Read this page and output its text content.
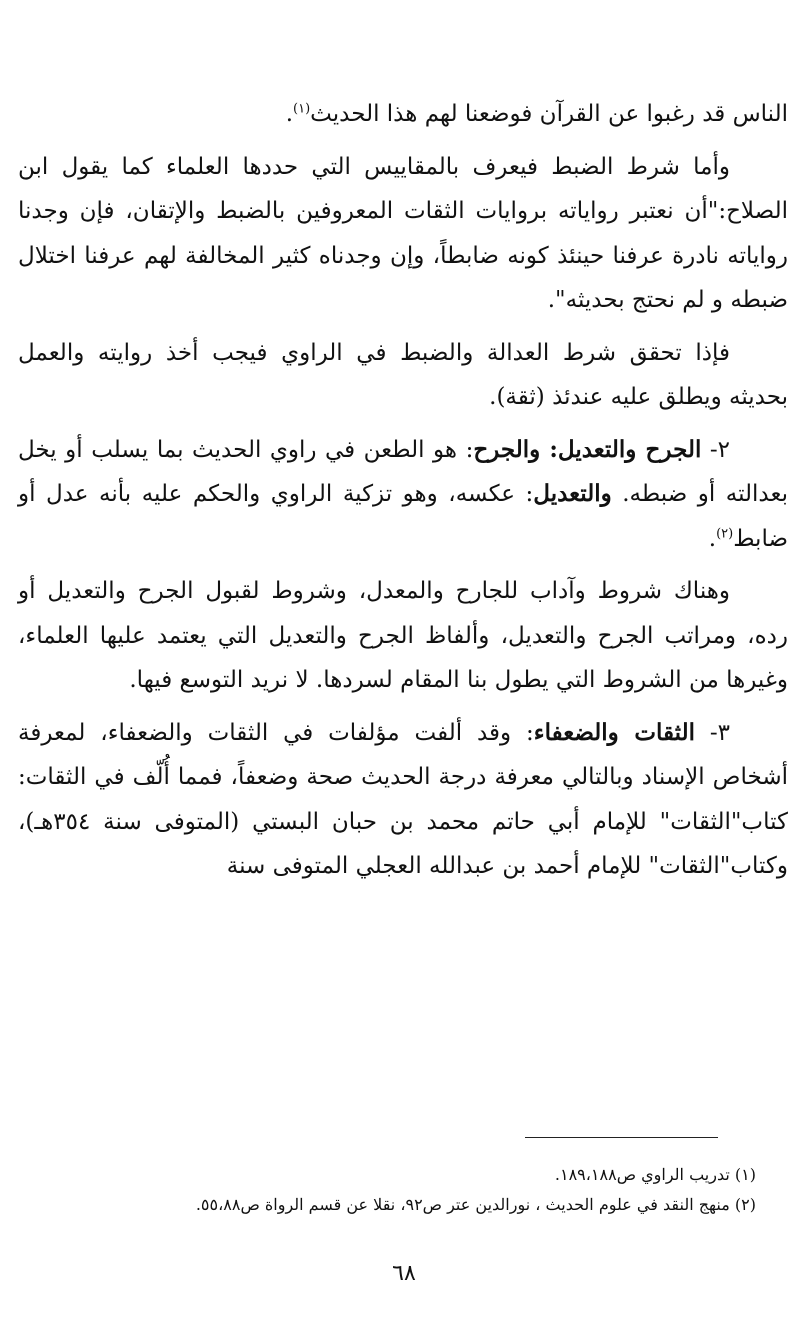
الناس قد رغبوا عن القرآن فوضعنا لهم هذا الحديث$^{(١)}$.

وأما شرط الضبط فيعرف بالمقاييس التي حددها العلماء كما يقول ابن الصلاح:"أن نعتبر رواياته بروايات الثقات المعروفين بالضبط والإتقان، فإن وجدنا رواياته نادرة عرفنا حينئذ كونه ضابطاً، وإن وجدناه كثير المخالفة لهم عرفنا اختلال ضبطه و لم نحتج بحديثه".

فإذا تحقق شرط العدالة والضبط في الراوي فيجب أخذ روايته والعمل بحديثه ويطلق عليه عندئذ (ثقة).

٢- الجرح والتعديل: والجرح: هو الطعن في راوي الحديث بما يسلب أو يخل بعدالته أو ضبطه. والتعديل: عكسه، وهو تزكية الراوي والحكم عليه بأنه عدل أو ضابط$^{(٢)}$.

وهناك شروط وآداب للجارح والمعدل، وشروط لقبول الجرح والتعديل أو رده، ومراتب الجرح والتعديل، وألفاظ الجرح والتعديل التي يعتمد عليها العلماء، وغيرها من الشروط التي يطول بنا المقام لسردها. لا نريد التوسع فيها.

٣- الثقات والضعفاء: وقد ألفت مؤلفات في الثقات والضعفاء، لمعرفة أشخاص الإسناد وبالتالي معرفة درجة الحديث صحة وضعفاً، فمما أُلّف في الثقات: كتاب"الثقات" للإمام أبي حاتم محمد بن حبان البستي (المتوفى سنة ٣٥٤هـ)، وكتاب"الثقات" للإمام أحمد بن عبدالله العجلي المتوفى سنة

(١) تدريب الراوي ص١٨٩،١٨٨.

(٢) منهج النقد في علوم الحديث ، نورالدين عتر ص٩٢، نقلا عن قسم الرواة ص٥٥،٨٨.

٦٨
